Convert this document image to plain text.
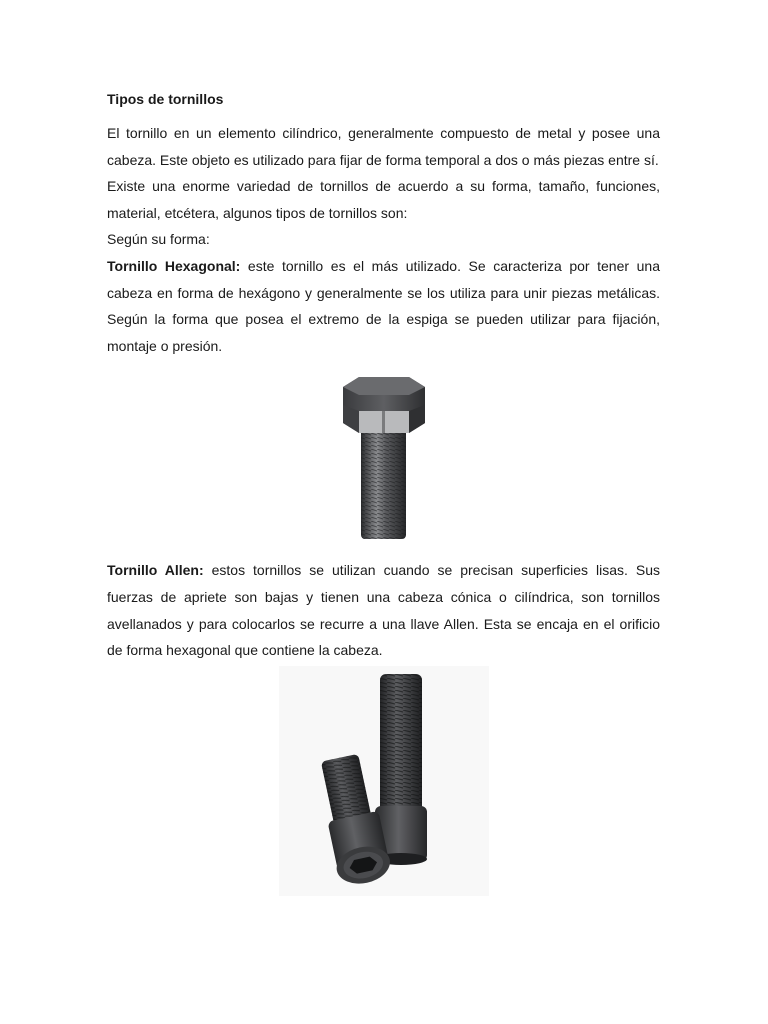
Tipos de tornillos

El tornillo en un elemento cilíndrico, generalmente compuesto de metal y posee una cabeza. Este objeto es utilizado para fijar de forma temporal a dos o más piezas entre sí.

Existe una enorme variedad de tornillos de acuerdo a su forma, tamaño, funciones, material, etcétera, algunos tipos de tornillos son:

Según su forma:

Tornillo Hexagonal: este tornillo es el más utilizado. Se caracteriza por tener una cabeza en forma de hexágono y generalmente se los utiliza para unir piezas metálicas. Según la forma que posea el extremo de la espiga se pueden utilizar para fijación, montaje o presión.

Tornillo Allen: estos tornillos se utilizan cuando se precisan superficies lisas. Sus fuerzas de apriete son bajas y tienen una cabeza cónica o cilíndrica, son tornillos avellanados y para colocarlos se recurre a una llave Allen. Esta se encaja en el orificio de forma hexagonal que contiene la cabeza.
